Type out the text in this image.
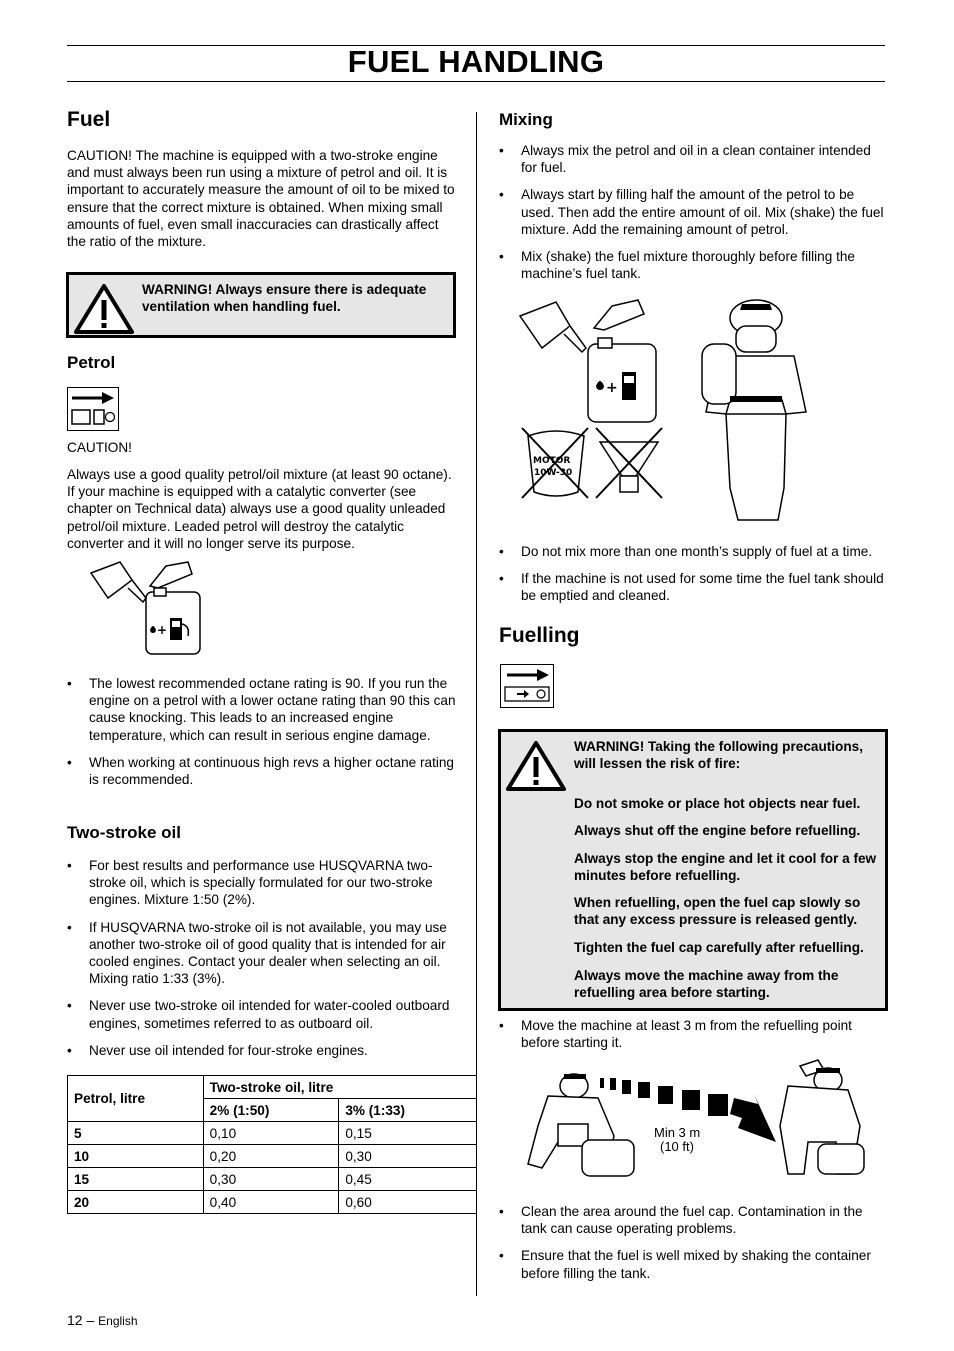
FUEL HANDLING
Fuel

CAUTION! The machine is equipped with a two-stroke engine and must always been run using a mixture of petrol and oil. It is important to accurately measure the amount of oil to be mixed to ensure that the correct mixture is obtained. When mixing small amounts of fuel, even small inaccuracies can drastically affect the ratio of the mixture.

WARNING! Always ensure there is adequate ventilation when handling fuel.
Petrol
CAUTION!

Always use a good quality petrol/oil mixture (at least 90 octane). If your machine is equipped with a catalytic converter (see chapter on Technical data) always use a good quality unleaded petrol/oil mixture. Leaded petrol will destroy the catalytic converter and it will no longer serve its purpose.

+
• The lowest recommended octane rating is 90. If you run the engine on a petrol with a lower octane rating than 90 this can cause knocking. This leads to an increased engine temperature, which can result in serious engine damage.
• When working at continuous high revs a higher octane rating is recommended.
Two-stroke oil
• For best results and performance use HUSQVARNA two-stroke oil, which is specially formulated for our two-stroke engines. Mixture 1:50 (2%).
• If HUSQVARNA two-stroke oil is not available, you may use another two-stroke oil of good quality that is intended for air cooled engines. Contact your dealer when selecting an oil. Mixing ratio 1:33 (3%).
• Never use two-stroke oil intended for water-cooled outboard engines, sometimes referred to as outboard oil.
• Never use oil intended for four-stroke engines.
Petrol, litre	Two-stroke oil, litre	
	2% (1:50)	3% (1:33)
5	0,10	0,15
10	0,20	0,30
15	0,30	0,45
20	0,40	0,60
Mixing
• Always mix the petrol and oil in a clean container intended for fuel.
• Always start by filling half the amount of the petrol to be used. Then add the entire amount of oil. Mix (shake) the fuel mixture. Add the remaining amount of petrol.
• Mix (shake) the fuel mixture thoroughly before filling the machine’s fuel tank.
+
MOTOR
10W-30
• Do not mix more than one month’s supply of fuel at a time.
• If the machine is not used for some time the fuel tank should be emptied and cleaned.
Fuelling
WARNING! Taking the following precautions, will lessen the risk of fire:
Do not smoke or place hot objects near fuel.
Always shut off the engine before refuelling.
Always stop the engine and let it cool for a few minutes before refuelling.
When refuelling, open the fuel cap slowly so that any excess pressure is released gently.
Tighten the fuel cap carefully after refuelling.
Always move the machine away from the refuelling area before starting.
• Move the machine at least 3 m from the refuelling point before starting it.
Min 3 m
(10 ft)
• Clean the area around the fuel cap. Contamination in the tank can cause operating problems.
• Ensure that the fuel is well mixed by shaking the container before filling the tank.
12 – English
